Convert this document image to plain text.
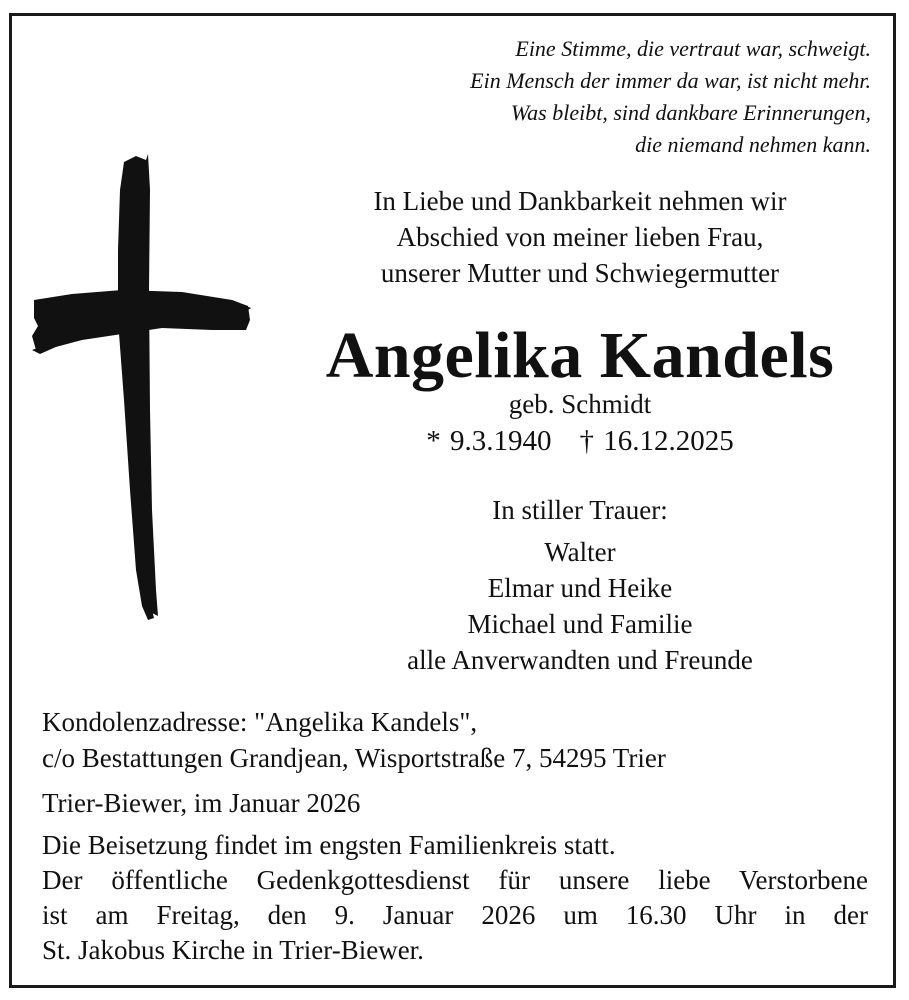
Eine Stimme, die vertraut war, schweigt.
Ein Mensch der immer da war, ist nicht mehr.
Was bleibt, sind dankbare Erinnerungen,
die niemand nehmen kann.
In Liebe und Dankbarkeit nehmen wir
Abschied von meiner lieben Frau,
unserer Mutter und Schwiegermutter
Angelika Kandels
geb. Schmidt
* 9.3.1940 † 16.12.2025
In stiller Trauer:
Walter
Elmar und Heike
Michael und Familie
alle Anverwandten und Freunde
Kondolenzadresse: "Angelika Kandels",
c/o Bestattungen Grandjean, Wisportstraße 7, 54295 Trier
Trier-Biewer, im Januar 2026
Die Beisetzung findet im engsten Familienkreis statt.
Der öffentliche Gedenkgottesdienst für unsere liebe Verstorbene
ist am Freitag, den 9. Januar 2026 um 16.30 Uhr in der
St. Jakobus Kirche in Trier-Biewer.
